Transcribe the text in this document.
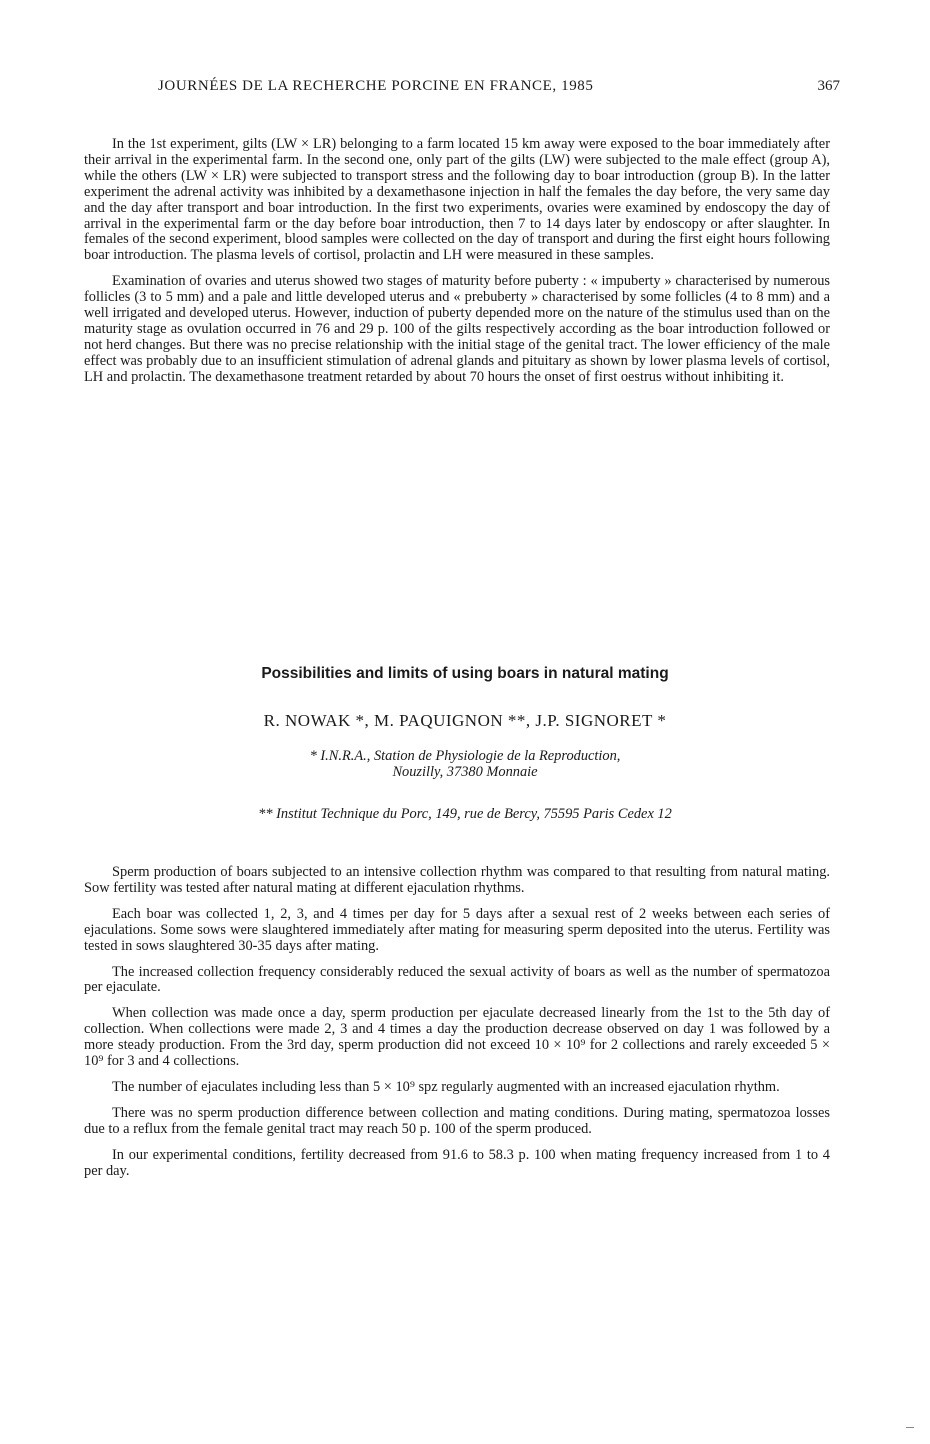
JOURNÉES DE LA RECHERCHE PORCINE EN FRANCE, 1985	367

In the 1st experiment, gilts (LW × LR) belonging to a farm located 15 km away were exposed to the boar immediately after their arrival in the experimental farm. In the second one, only part of the gilts (LW) were subjected to the male effect (group A), while the others (LW × LR) were subjected to transport stress and the following day to boar introduction (group B). In the latter experiment the adrenal activity was inhibited by a dexamethasone injection in half the females the day before, the very same day and the day after transport and boar introduction. In the first two experiments, ovaries were examined by endoscopy the day of arrival in the experimental farm or the day before boar introduction, then 7 to 14 days later by endoscopy or after slaughter. In females of the second experiment, blood samples were collected on the day of transport and during the first eight hours following boar introduction. The plasma levels of cortisol, prolactin and LH were measured in these samples.

Examination of ovaries and uterus showed two stages of maturity before puberty : « impuberty » characterised by numerous follicles (3 to 5 mm) and a pale and little developed uterus and « prebuberty » characterised by some follicles (4 to 8 mm) and a well irrigated and developed uterus. However, induction of puberty depended more on the nature of the stimulus used than on the maturity stage as ovulation occurred in 76 and 29 p. 100 of the gilts respectively according as the boar introduction followed or not herd changes. But there was no precise relationship with the initial stage of the genital tract. The lower efficiency of the male effect was probably due to an insufficient stimulation of adrenal glands and pituitary as shown by lower plasma levels of cortisol, LH and prolactin. The dexamethasone treatment retarded by about 70 hours the onset of first oestrus without inhibiting it.

Possibilities and limits of using boars in natural mating
R. NOWAK *, M. PAQUIGNON **, J.P. SIGNORET *
* I.N.R.A., Station de Physiologie de la Reproduction,
Nouzilly, 37380 Monnaie
** Institut Technique du Porc, 149, rue de Bercy, 75595 Paris Cedex 12

Sperm production of boars subjected to an intensive collection rhythm was compared to that resulting from natural mating. Sow fertility was tested after natural mating at different ejaculation rhythms.

Each boar was collected 1, 2, 3, and 4 times per day for 5 days after a sexual rest of 2 weeks between each series of ejaculations. Some sows were slaughtered immediately after mating for measuring sperm deposited into the uterus. Fertility was tested in sows slaughtered 30-35 days after mating.

The increased collection frequency considerably reduced the sexual activity of boars as well as the number of spermatozoa per ejaculate.

When collection was made once a day, sperm production per ejaculate decreased linearly from the 1st to the 5th day of collection. When collections were made 2, 3 and 4 times a day the production decrease observed on day 1 was followed by a more steady production. From the 3rd day, sperm production did not exceed 10 × 10⁹ for 2 collections and rarely exceeded 5 × 10⁹ for 3 and 4 collections.

The number of ejaculates including less than 5 × 10⁹ spz regularly augmented with an increased ejaculation rhythm.

There was no sperm production difference between collection and mating conditions. During mating, spermatozoa losses due to a reflux from the female genital tract may reach 50 p. 100 of the sperm produced.

In our experimental conditions, fertility decreased from 91.6 to 58.3 p. 100 when mating frequency increased from 1 to 4 per day.
